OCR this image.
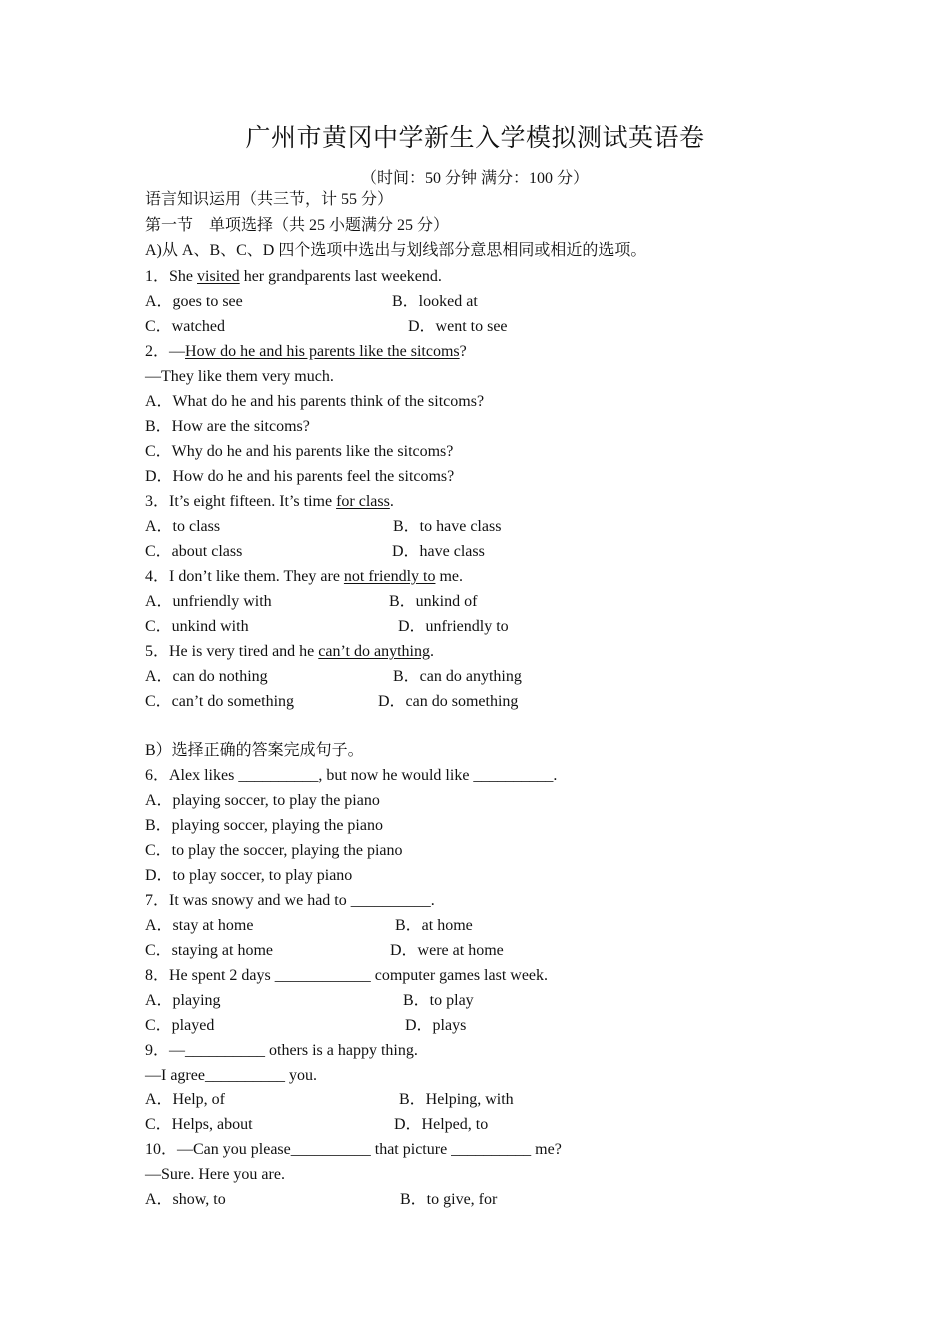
广州市黄冈中学新生入学模拟测试英语卷
（时间：50 分钟 满分：100 分）
语言知识运用（共三节，计 55 分）
第一节    单项选择（共 25 小题满分 25 分）
A)从 A、B、C、D 四个选项中选出与划线部分意思相同或相近的选项。
1．She visited her grandparents last weekend.
A．goes to see	B．looked at
C．watched	D．went to see
2．—How do he and his parents like the sitcoms?
—They like them very much.
A．What do he and his parents think of the sitcoms?
B．How are the sitcoms?
C．Why do he and his parents like the sitcoms?
D．How do he and his parents feel the sitcoms?
3．It’s eight fifteen. It’s time for class.
A．to class	B．to have class
C．about class	D．have class
4．I don’t like them. They are not friendly to me.
A．unfriendly with	B．unkind of
C．unkind with	D．unfriendly to
5．He is very tired and he can’t do anything.
A．can do nothing	B．can do anything
C．can’t do something	D．can do something
B）选择正确的答案完成句子。
6．Alex likes __________, but now he would like __________.
A．playing soccer, to play the piano
B．playing soccer, playing the piano
C．to play the soccer, playing the piano
D．to play soccer, to play piano
7．It was snowy and we had to __________.
A．stay at home	B．at home
C．staying at home	D．were at home
8．He spent 2 days ____________ computer games last week.
A．playing	B．to play
C．played	D．plays
9．—__________ others is a happy thing.
—I agree__________ you.
A．Help, of	B．Helping, with
C．Helps, about	D．Helped, to
10．—Can you please__________ that picture __________ me?
—Sure. Here you are.
A．show, to	B．to give, for
